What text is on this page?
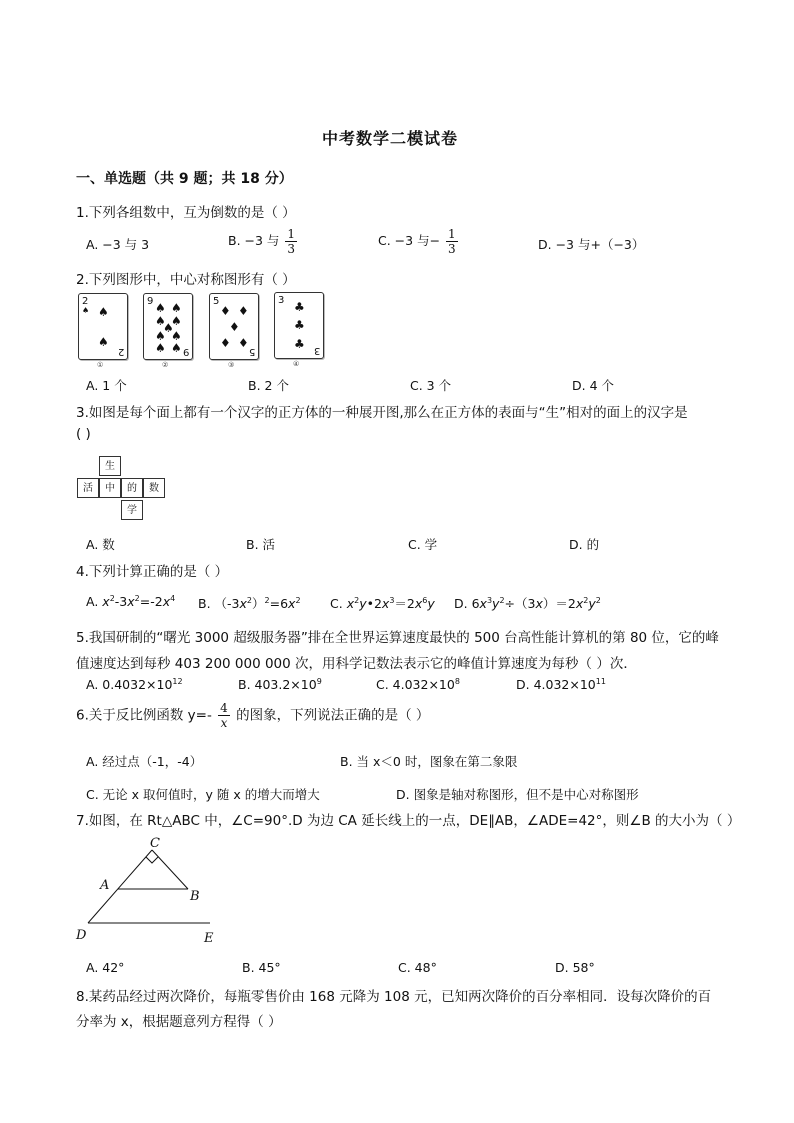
中考数学二模试卷
一、单选题（共 9 题；共 18 分）
1.下列各组数中，互为倒数的是（ ）
A. −3 与 3	B. −3 与 $\frac{1}{3}$	C. −3 与− $\frac{1}{3}$	D. −3 与+（−3）
2.下列图形中，中心对称图形有（ ）
2
♠ ♠
♠
2
①
9 ♠ ♠
♠ ♠
♠
♠ ♠
♠ ♠ 9
②
5
♦ ♦
♦
♦ ♦
5
③
3 ♣
♣
♣ 3
④
A. 1 个	B. 2 个	C. 3 个	D. 4 个
3.如图是每个面上都有一个汉字的正方体的一种展开图,那么在正方体的表面与“生”相对的面上的汉字是
( )
生
活	中	的	数
学
A. 数	B. 活	C. 学	D. 的
4.下列计算正确的是（ ）
A. $x^2-3x^2=-2x^4$ B. $(-3x^2)^2=6x^2$ C. $x^2y•2x^3=2x^6y$ D. $6x^3y^2\div(3x)=2x^2y^2$
5.我国研制的“曙光 3000 超级服务器”排在全世界运算速度最快的 500 台高性能计算机的第 80 位，它的峰
值速度达到每秒 403 200 000 000 次，用科学记数法表示它的峰值计算速度为每秒（ ）次．
A. $0.4032\times 10^{12}$	B. $403.2\times 10^9$	C. $4.032\times 10^8$	D. $4.032\times 10^{11}$
6.关于反比例函数 $y=- \frac{4}{x}$ 的图象，下列说法正确的是（ ）
A. 经过点（-1，-4）	B. 当 x＜0 时，图象在第二象限
C. 无论 x 取何值时，y 随 x 的增大而增大	D. 图象是轴对称图形，但不是中心对称图形
7.如图，在 Rt△ABC 中，∠C=90°.D 为边 CA 延长线上的一点，DE∥AB，∠ADE=42°，则∠B 的大小为（ ）
C
A
B
D	E
A. 42°	B. 45°	C. 48°	D. 58°
8.某药品经过两次降价，每瓶零售价由 168 元降为 108 元，已知两次降价的百分率相同．设每次降价的百
分率为 x，根据题意列方程得（ ）
